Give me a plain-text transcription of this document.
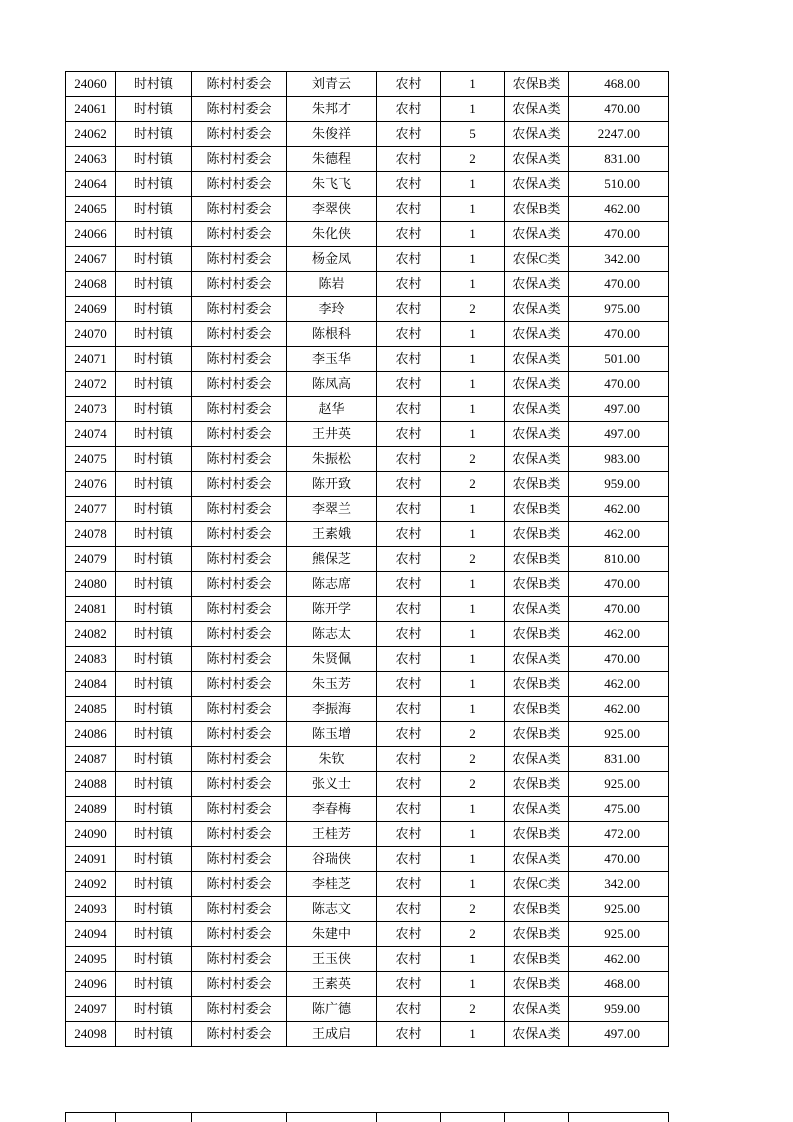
24060	时村镇	陈村村委会	刘青云	农村	1	农保B类	468.00
24061	时村镇	陈村村委会	朱邦才	农村	1	农保A类	470.00
24062	时村镇	陈村村委会	朱俊祥	农村	5	农保A类	2247.00
24063	时村镇	陈村村委会	朱德程	农村	2	农保A类	831.00
24064	时村镇	陈村村委会	朱飞飞	农村	1	农保A类	510.00
24065	时村镇	陈村村委会	李翠侠	农村	1	农保B类	462.00
24066	时村镇	陈村村委会	朱化侠	农村	1	农保A类	470.00
24067	时村镇	陈村村委会	杨金凤	农村	1	农保C类	342.00
24068	时村镇	陈村村委会	陈岩	农村	1	农保A类	470.00
24069	时村镇	陈村村委会	李玲	农村	2	农保A类	975.00
24070	时村镇	陈村村委会	陈根科	农村	1	农保A类	470.00
24071	时村镇	陈村村委会	李玉华	农村	1	农保A类	501.00
24072	时村镇	陈村村委会	陈凤高	农村	1	农保A类	470.00
24073	时村镇	陈村村委会	赵华	农村	1	农保A类	497.00
24074	时村镇	陈村村委会	王井英	农村	1	农保A类	497.00
24075	时村镇	陈村村委会	朱振松	农村	2	农保A类	983.00
24076	时村镇	陈村村委会	陈开致	农村	2	农保B类	959.00
24077	时村镇	陈村村委会	李翠兰	农村	1	农保B类	462.00
24078	时村镇	陈村村委会	王素娥	农村	1	农保B类	462.00
24079	时村镇	陈村村委会	熊保芝	农村	2	农保B类	810.00
24080	时村镇	陈村村委会	陈志席	农村	1	农保B类	470.00
24081	时村镇	陈村村委会	陈开学	农村	1	农保A类	470.00
24082	时村镇	陈村村委会	陈志太	农村	1	农保B类	462.00
24083	时村镇	陈村村委会	朱贤佩	农村	1	农保A类	470.00
24084	时村镇	陈村村委会	朱玉芳	农村	1	农保B类	462.00
24085	时村镇	陈村村委会	李振海	农村	1	农保B类	462.00
24086	时村镇	陈村村委会	陈玉增	农村	2	农保B类	925.00
24087	时村镇	陈村村委会	朱钦	农村	2	农保A类	831.00
24088	时村镇	陈村村委会	张义士	农村	2	农保B类	925.00
24089	时村镇	陈村村委会	李春梅	农村	1	农保A类	475.00
24090	时村镇	陈村村委会	王桂芳	农村	1	农保B类	472.00
24091	时村镇	陈村村委会	谷瑞侠	农村	1	农保A类	470.00
24092	时村镇	陈村村委会	李桂芝	农村	1	农保C类	342.00
24093	时村镇	陈村村委会	陈志文	农村	2	农保B类	925.00
24094	时村镇	陈村村委会	朱建中	农村	2	农保B类	925.00
24095	时村镇	陈村村委会	王玉侠	农村	1	农保B类	462.00
24096	时村镇	陈村村委会	王素英	农村	1	农保B类	468.00
24097	时村镇	陈村村委会	陈广德	农村	2	农保A类	959.00
24098	时村镇	陈村村委会	王成启	农村	1	农保A类	497.00
